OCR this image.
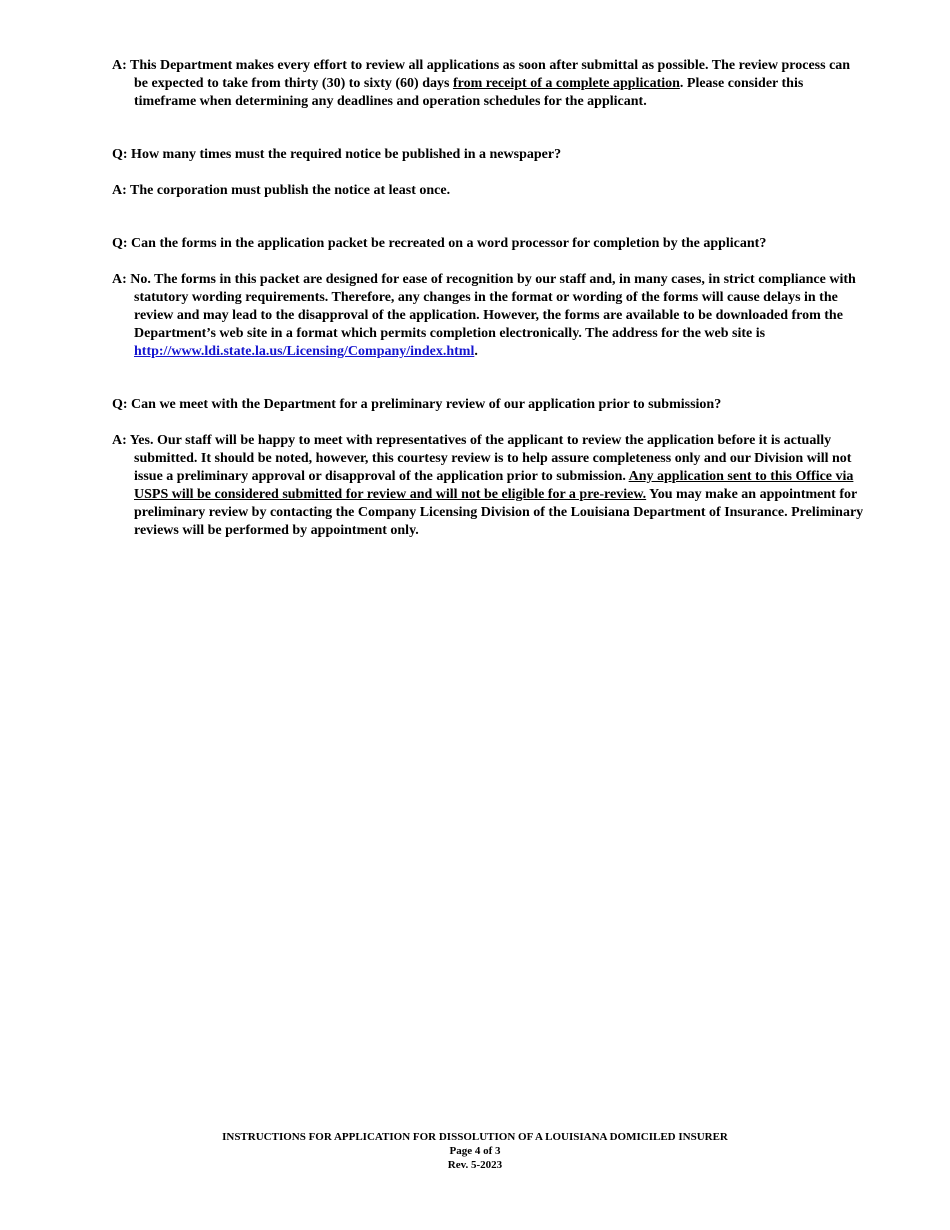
A: This Department makes every effort to review all applications as soon after submittal as possible. The review process can be expected to take from thirty (30) to sixty (60) days from receipt of a complete application. Please consider this timeframe when determining any deadlines and operation schedules for the applicant.
Q: How many times must the required notice be published in a newspaper?
A: The corporation must publish the notice at least once.
Q: Can the forms in the application packet be recreated on a word processor for completion by the applicant?
A: No. The forms in this packet are designed for ease of recognition by our staff and, in many cases, in strict compliance with statutory wording requirements. Therefore, any changes in the format or wording of the forms will cause delays in the review and may lead to the disapproval of the application. However, the forms are available to be downloaded from the Department’s web site in a format which permits completion electronically. The address for the web site is http://www.ldi.state.la.us/Licensing/Company/index.html.
Q: Can we meet with the Department for a preliminary review of our application prior to submission?
A: Yes. Our staff will be happy to meet with representatives of the applicant to review the application before it is actually submitted. It should be noted, however, this courtesy review is to help assure completeness only and our Division will not issue a preliminary approval or disapproval of the application prior to submission. Any application sent to this Office via USPS will be considered submitted for review and will not be eligible for a pre-review. You may make an appointment for preliminary review by contacting the Company Licensing Division of the Louisiana Department of Insurance. Preliminary reviews will be performed by appointment only.
INSTRUCTIONS FOR APPLICATION FOR DISSOLUTION OF A LOUISIANA DOMICILED INSURER
Page 4 of 3
Rev. 5-2023
